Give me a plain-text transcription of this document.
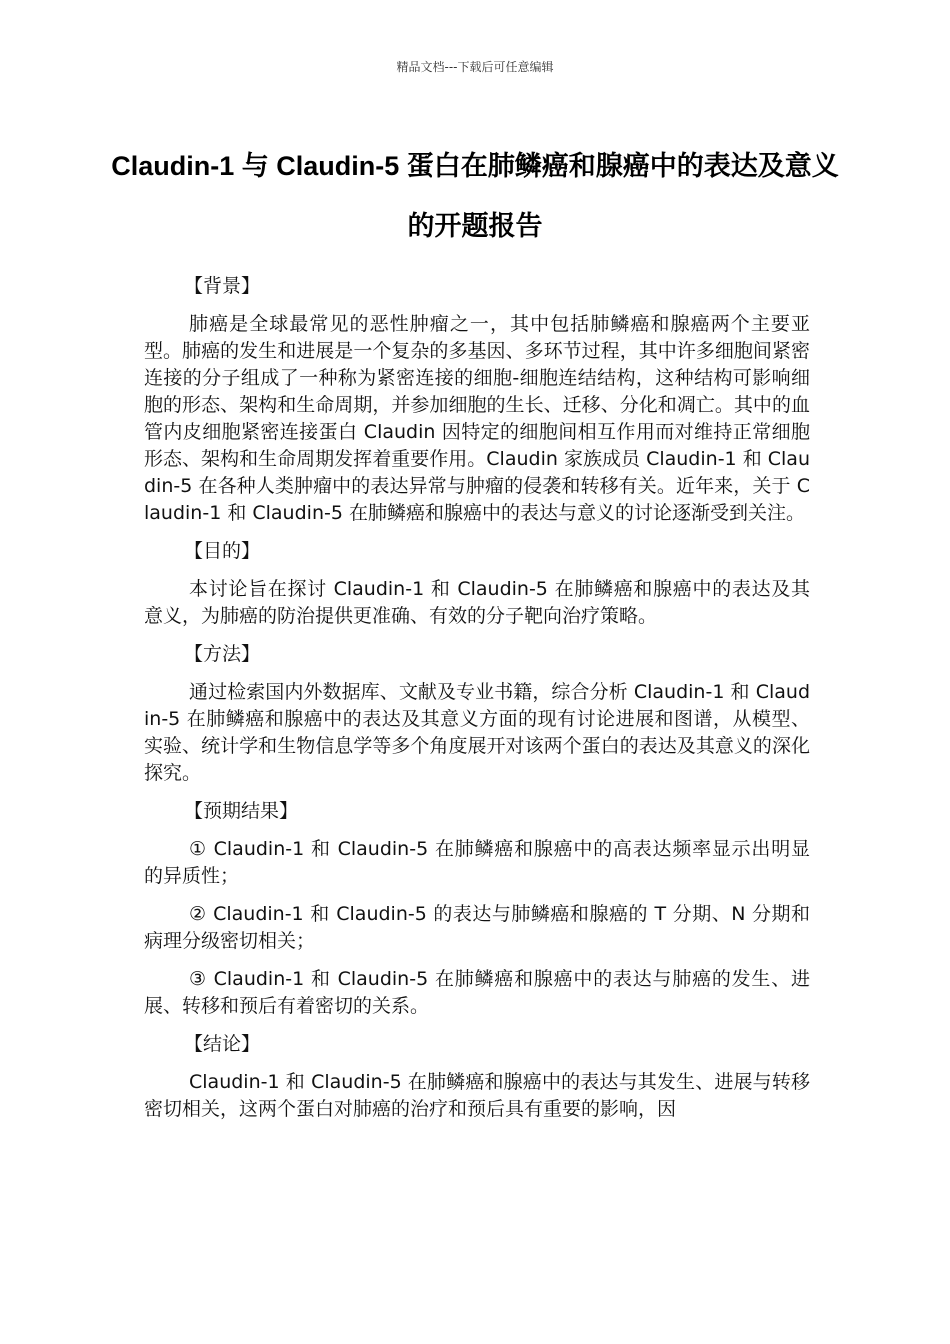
精品文档---下载后可任意编辑
Claudin-1 与 Claudin-5 蛋白在肺鳞癌和腺癌中的表达及意义的开题报告
【背景】
肺癌是全球最常见的恶性肿瘤之一，其中包括肺鳞癌和腺癌两个主要亚型。肺癌的发生和进展是一个复杂的多基因、多环节过程，其中许多细胞间紧密连接的分子组成了一种称为紧密连接的细胞-细胞连结结构，这种结构可影响细胞的形态、架构和生命周期，并参加细胞的生长、迁移、分化和凋亡。其中的血管内皮细胞紧密连接蛋白 Claudin 因特定的细胞间相互作用而对维持正常细胞形态、架构和生命周期发挥着重要作用。Claudin 家族成员 Claudin-1 和 Claudin-5 在各种人类肿瘤中的表达异常与肿瘤的侵袭和转移有关。近年来，关于 Claudin-1 和 Claudin-5 在肺鳞癌和腺癌中的表达与意义的讨论逐渐受到关注。
【目的】
本讨论旨在探讨 Claudin-1 和 Claudin-5 在肺鳞癌和腺癌中的表达及其意义，为肺癌的防治提供更准确、有效的分子靶向治疗策略。
【方法】
通过检索国内外数据库、文献及专业书籍，综合分析 Claudin-1 和 Claudin-5 在肺鳞癌和腺癌中的表达及其意义方面的现有讨论进展和图谱，从模型、实验、统计学和生物信息学等多个角度展开对该两个蛋白的表达及其意义的深化探究。
【预期结果】
① Claudin-1 和 Claudin-5 在肺鳞癌和腺癌中的高表达频率显示出明显的异质性；
② Claudin-1 和 Claudin-5 的表达与肺鳞癌和腺癌的 T 分期、N 分期和病理分级密切相关；
③ Claudin-1 和 Claudin-5 在肺鳞癌和腺癌中的表达与肺癌的发生、进展、转移和预后有着密切的关系。
【结论】
Claudin-1 和 Claudin-5 在肺鳞癌和腺癌中的表达与其发生、进展与转移密切相关，这两个蛋白对肺癌的治疗和预后具有重要的影响，因
